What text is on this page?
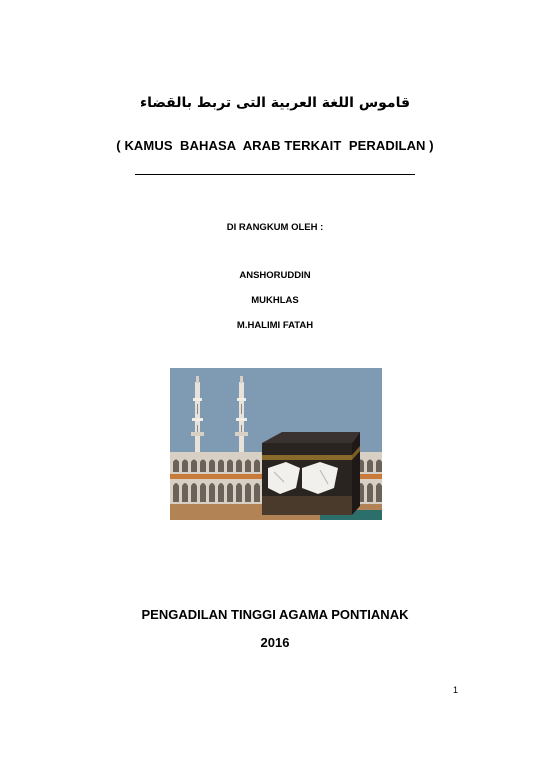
قاموس اللغة العربية التى تربط بالقضاء
( KAMUS  BAHASA  ARAB TERKAIT  PERADILAN )
DI RANGKUM OLEH :
ANSHORUDDIN
MUKHLAS
M.HALIMI FATAH
PENGADILAN TINGGI AGAMA PONTIANAK
2016
1
